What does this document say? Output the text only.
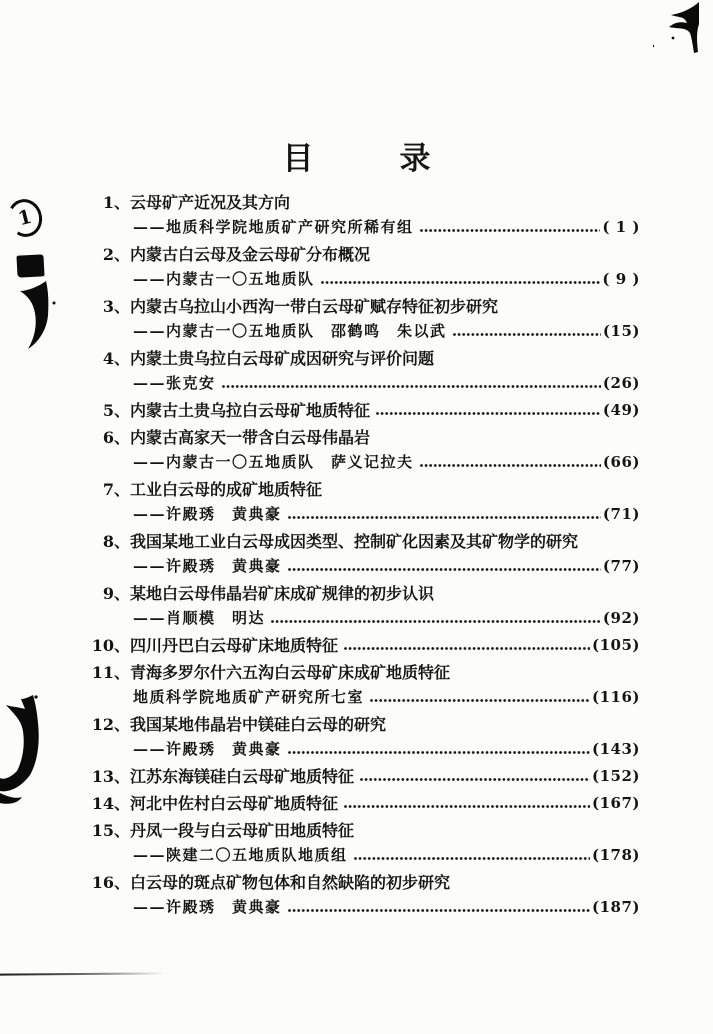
1
目	录
1、 云母矿产近况及其方向
——地质科学院地质矿产研究所稀有组	( 1 )
2、 内蒙古白云母及金云母矿分布概况
——内蒙古一〇五地质队	( 9 )
3、 内蒙古乌拉山小西沟一带白云母矿赋存特征初步研究
——内蒙古一〇五地质队　邵鹤鸣　朱以武	(15)
4、 内蒙土贵乌拉白云母矿成因研究与评价问题
——张克安	(26)
5、 内蒙古土贵乌拉白云母矿地质特征	(49)
6、 内蒙古高家天一带含白云母伟晶岩
——内蒙古一〇五地质队　萨义记拉夫	(66)
7、 工业白云母的成矿地质特征
——许殿琇　黄典豪	(71)
8、 我国某地工业白云母成因类型、控制矿化因素及其矿物学的研究
——许殿琇　黄典豪	(77)
9、 某地白云母伟晶岩矿床成矿规律的初步认识
——肖顺模　明达	(92)
10、 四川丹巴白云母矿床地质特征	(105)
11、 青海多罗尔什六五沟白云母矿床成矿地质特征
地质科学院地质矿产研究所七室	(116)
12、 我国某地伟晶岩中镁硅白云母的研究
——许殿琇　黄典豪	(143)
13、 江苏东海镁硅白云母矿地质特征	(152)
14、 河北中佐村白云母矿地质特征	(167)
15、 丹凤一段与白云母矿田地质特征
——陕建二〇五地质队地质组	(178)
16、 白云母的斑点矿物包体和自然缺陷的初步研究
——许殿琇　黄典豪	(187)
